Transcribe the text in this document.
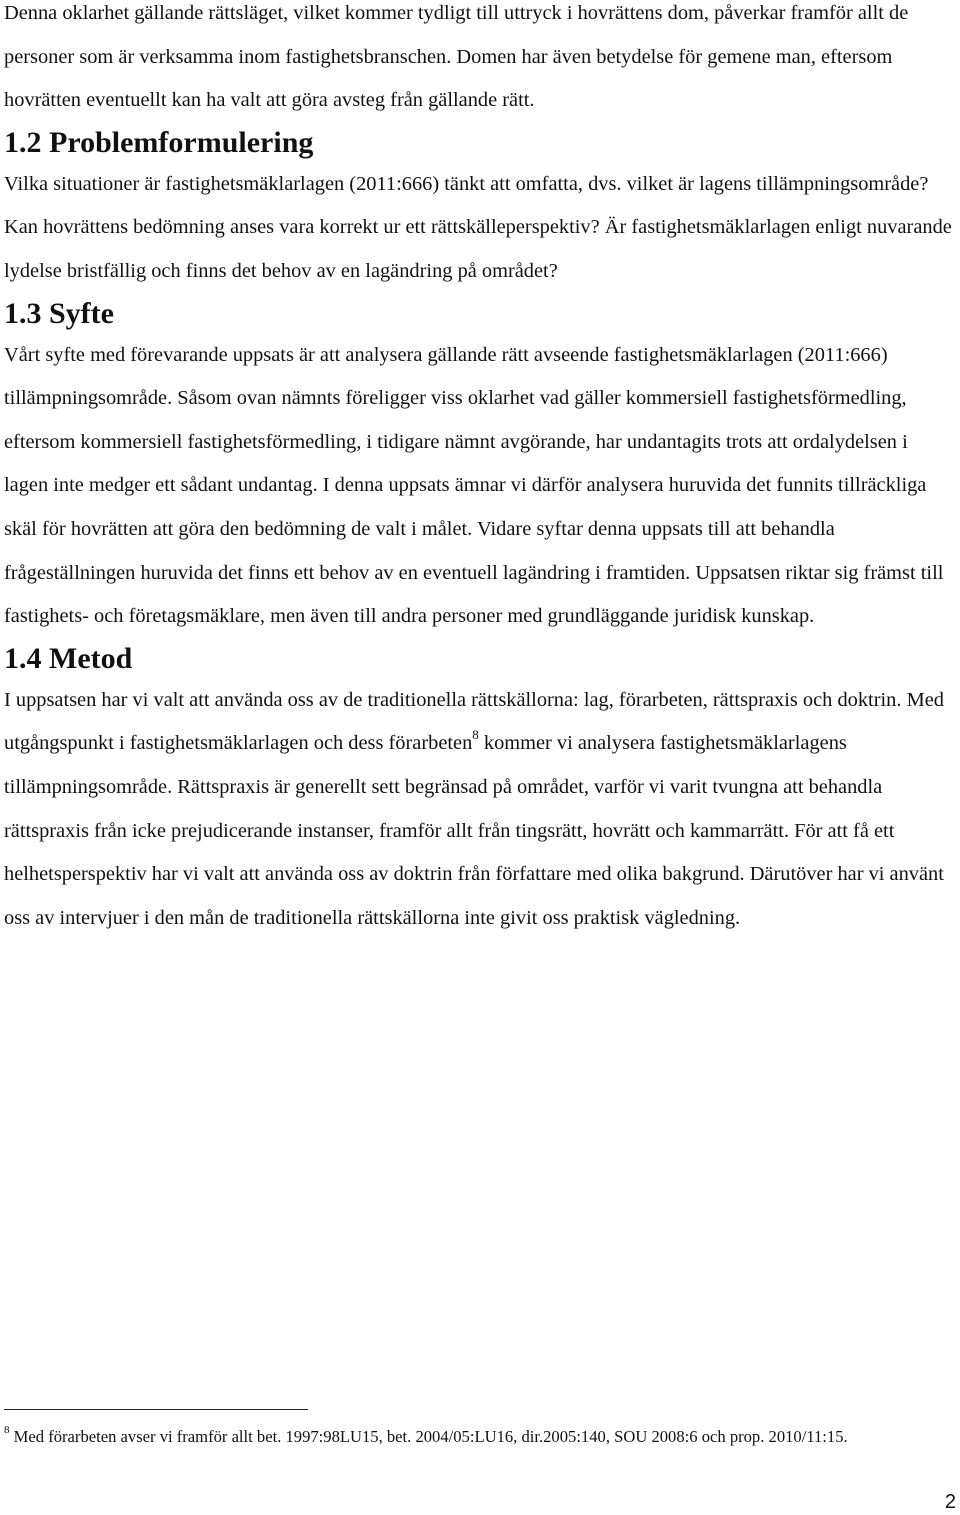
Denna oklarhet gällande rättsläget, vilket kommer tydligt till uttryck i hovrättens dom, påverkar framför allt de personer som är verksamma inom fastighetsbranschen. Domen har även betydelse för gemene man, eftersom hovrätten eventuellt kan ha valt att göra avsteg från gällande rätt.

1.2 Problemformulering

Vilka situationer är fastighetsmäklarlagen (2011:666) tänkt att omfatta, dvs. vilket är lagens tillämpningsområde? Kan hovrättens bedömning anses vara korrekt ur ett rättskälleperspektiv? Är fastighetsmäklarlagen enligt nuvarande lydelse bristfällig och finns det behov av en lagändring på området?

1.3 Syfte

Vårt syfte med förevarande uppsats är att analysera gällande rätt avseende fastighetsmäklarlagen (2011:666) tillämpningsområde. Såsom ovan nämnts föreligger viss oklarhet vad gäller kommersiell fastighetsförmedling, eftersom kommersiell fastighetsförmedling, i tidigare nämnt avgörande, har undantagits trots att ordalydelsen i lagen inte medger ett sådant undantag. I denna uppsats ämnar vi därför analysera huruvida det funnits tillräckliga skäl för hovrätten att göra den bedömning de valt i målet. Vidare syftar denna uppsats till att behandla frågeställningen huruvida det finns ett behov av en eventuell lagändring i framtiden. Uppsatsen riktar sig främst till fastighets- och företagsmäklare, men även till andra personer med grundläggande juridisk kunskap.

1.4 Metod

I uppsatsen har vi valt att använda oss av de traditionella rättskällorna: lag, förarbeten, rättspraxis och doktrin. Med utgångspunkt i fastighetsmäklarlagen och dess förarbeten$^8$ kommer vi analysera fastighetsmäklarlagens tillämpningsområde. Rättspraxis är generellt sett begränsad på området, varför vi varit tvungna att behandla rättspraxis från icke prejudicerande instanser, framför allt från tingsrätt, hovrätt och kammarrätt. För att få ett helhetsperspektiv har vi valt att använda oss av doktrin från författare med olika bakgrund. Därutöver har vi använt oss av intervjuer i den mån de traditionella rättskällorna inte givit oss praktisk vägledning.

$^8$ Med förarbeten avser vi framför allt bet. 1997:98LU15, bet. 2004/05:LU16, dir.2005:140, SOU 2008:6 och prop. 2010/11:15.

2
